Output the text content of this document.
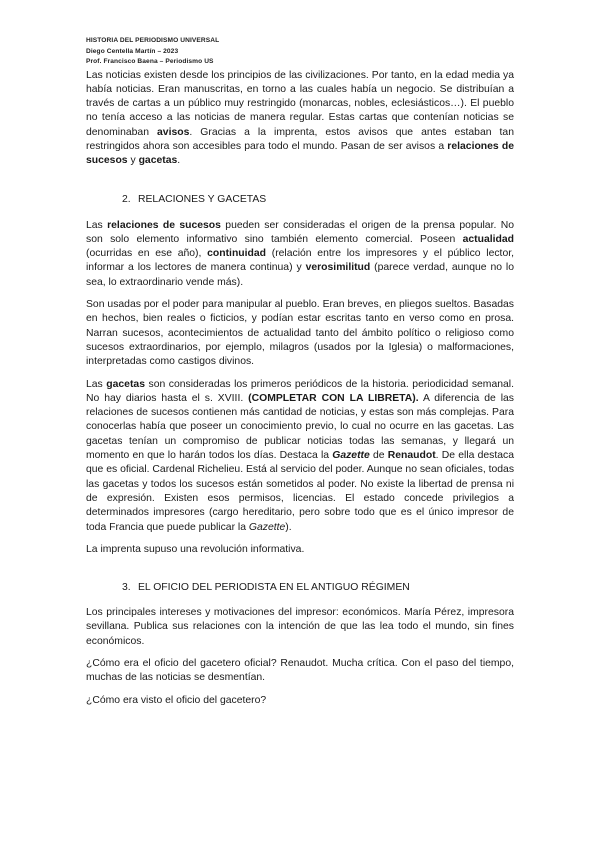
HISTORIA DEL PERIODISMO UNIVERSAL
Diego Centella Martín – 2023
Prof. Francisco Baena – Periodismo US

Las noticias existen desde los principios de las civilizaciones. Por tanto, en la edad media ya había noticias. Eran manuscritas, en torno a las cuales había un negocio. Se distribuían a través de cartas a un público muy restringido (monarcas, nobles, eclesiásticos…). El pueblo no tenía acceso a las noticias de manera regular. Estas cartas que contenían noticias se denominaban avisos. Gracias a la imprenta, estos avisos que antes estaban tan restringidos ahora son accesibles para todo el mundo. Pasan de ser avisos a relaciones de sucesos y gacetas.

2. RELACIONES Y GACETAS

Las relaciones de sucesos pueden ser consideradas el origen de la prensa popular. No son solo elemento informativo sino también elemento comercial. Poseen actualidad (ocurridas en ese año), continuidad (relación entre los impresores y el público lector, informar a los lectores de manera continua) y verosimilitud (parece verdad, aunque no lo sea, lo extraordinario vende más).

Son usadas por el poder para manipular al pueblo. Eran breves, en pliegos sueltos. Basadas en hechos, bien reales o ficticios, y podían estar escritas tanto en verso como en prosa. Narran sucesos, acontecimientos de actualidad tanto del ámbito político o religioso como sucesos extraordinarios, por ejemplo, milagros (usados por la Iglesia) o malformaciones, interpretadas como castigos divinos.

Las gacetas son consideradas los primeros periódicos de la historia. periodicidad semanal. No hay diarios hasta el s. XVIII. (COMPLETAR CON LA LIBRETA). A diferencia de las relaciones de sucesos contienen más cantidad de noticias, y estas son más complejas. Para conocerlas había que poseer un conocimiento previo, lo cual no ocurre en las gacetas. Las gacetas tenían un compromiso de publicar noticias todas las semanas, y llegará un momento en que lo harán todos los días. Destaca la Gazette de Renaudot. De ella destaca que es oficial. Cardenal Richelieu. Está al servicio del poder. Aunque no sean oficiales, todas las gacetas y todos los sucesos están sometidos al poder. No existe la libertad de prensa ni de expresión. Existen esos permisos, licencias. El estado concede privilegios a determinados impresores (cargo hereditario, pero sobre todo que es el único impresor de toda Francia que puede publicar la Gazette).

La imprenta supuso una revolución informativa.

3. EL OFICIO DEL PERIODISTA EN EL ANTIGUO RÉGIMEN

Los principales intereses y motivaciones del impresor: económicos. María Pérez, impresora sevillana. Publica sus relaciones con la intención de que las lea todo el mundo, sin fines económicos.

¿Cómo era el oficio del gacetero oficial? Renaudot. Mucha crítica. Con el paso del tiempo, muchas de las noticias se desmentían.

¿Cómo era visto el oficio del gacetero?
